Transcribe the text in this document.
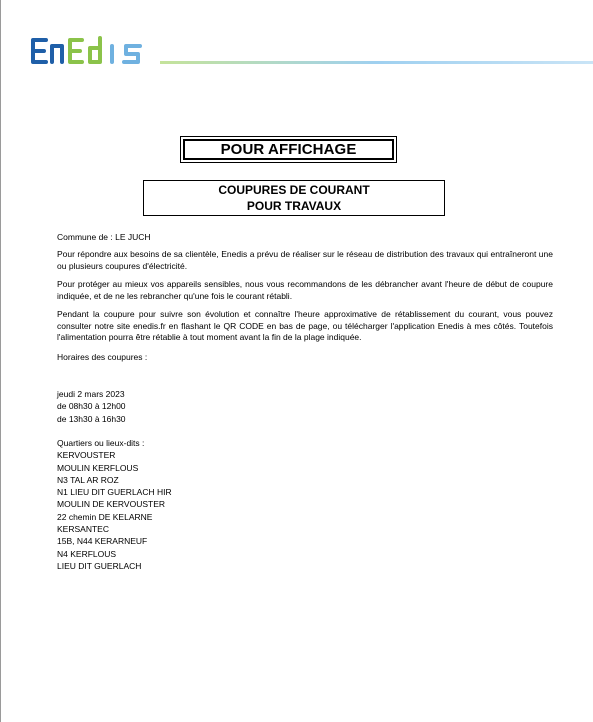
POUR AFFICHAGE
COUPURES DE COURANT
POUR TRAVAUX
Commune de : LE JUCH
Pour répondre aux besoins de sa clientèle, Enedis a prévu de réaliser sur le réseau de distribution des travaux qui entraîneront une ou plusieurs coupures d'électricité.
Pour protéger au mieux vos appareils sensibles, nous vous recommandons de les débrancher avant l'heure de début de coupure indiquée, et de ne les rebrancher qu'une fois le courant rétabli.
Pendant la coupure pour suivre son évolution et connaître l'heure approximative de rétablissement du courant, vous pouvez consulter notre site enedis.fr en flashant le QR CODE en bas de page, ou télécharger l'application Enedis à mes côtés. Toutefois l'alimentation pourra être rétablie à tout moment avant la fin de la plage indiquée.
Horaires des coupures :
jeudi 2 mars 2023
de 08h30 à 12h00
de 13h30 à 16h30
Quartiers ou lieux-dits :
KERVOUSTER
MOULIN KERFLOUS
N3 TAL AR ROZ
N1 LIEU DIT GUERLACH HIR
MOULIN DE KERVOUSTER
22 chemin DE KELARNE
KERSANTEC
15B, N44 KERARNEUF
N4 KERFLOUS
LIEU DIT GUERLACH
